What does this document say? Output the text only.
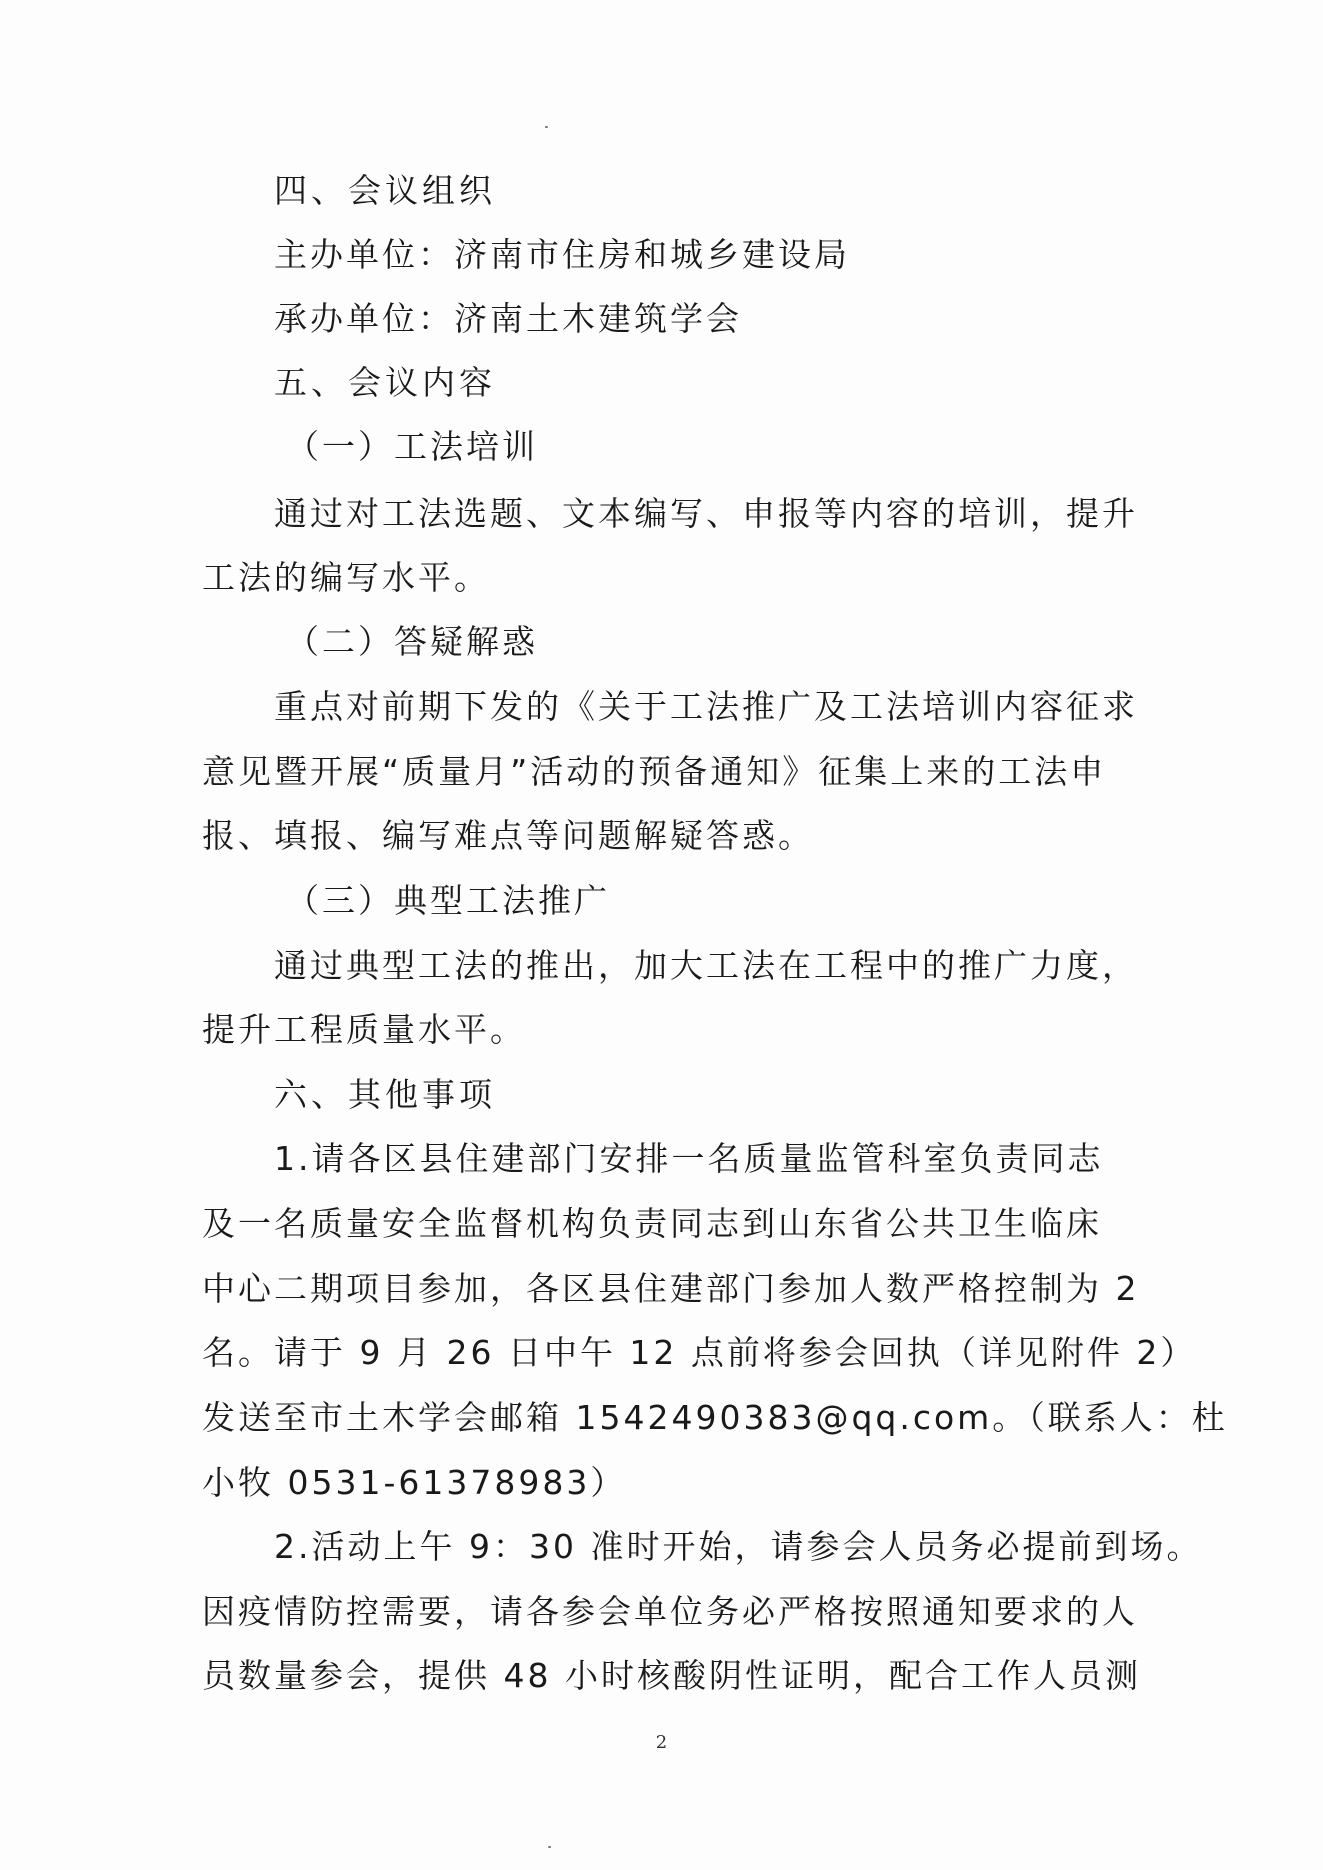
四、会议组织
主办单位：济南市住房和城乡建设局
承办单位：济南土木建筑学会
五、会议内容
（一）工法培训
通过对工法选题、文本编写、申报等内容的培训，提升
工法的编写水平。
（二）答疑解惑
重点对前期下发的《关于工法推广及工法培训内容征求
意见暨开展“质量月”活动的预备通知》征集上来的工法申
报、填报、编写难点等问题解疑答惑。
（三）典型工法推广
通过典型工法的推出，加大工法在工程中的推广力度，
提升工程质量水平。
六、其他事项
1.请各区县住建部门安排一名质量监管科室负责同志
及一名质量安全监督机构负责同志到山东省公共卫生临床
中心二期项目参加，各区县住建部门参加人数严格控制为 2
名。请于 9 月 26 日中午 12 点前将参会回执（详见附件 2）
发送至市土木学会邮箱 1542490383@qq.com。（联系人：杜
小牧 0531-61378983）
2.活动上午 9：30 准时开始，请参会人员务必提前到场。
因疫情防控需要，请各参会单位务必严格按照通知要求的人
员数量参会，提供 48 小时核酸阴性证明，配合工作人员测
2
